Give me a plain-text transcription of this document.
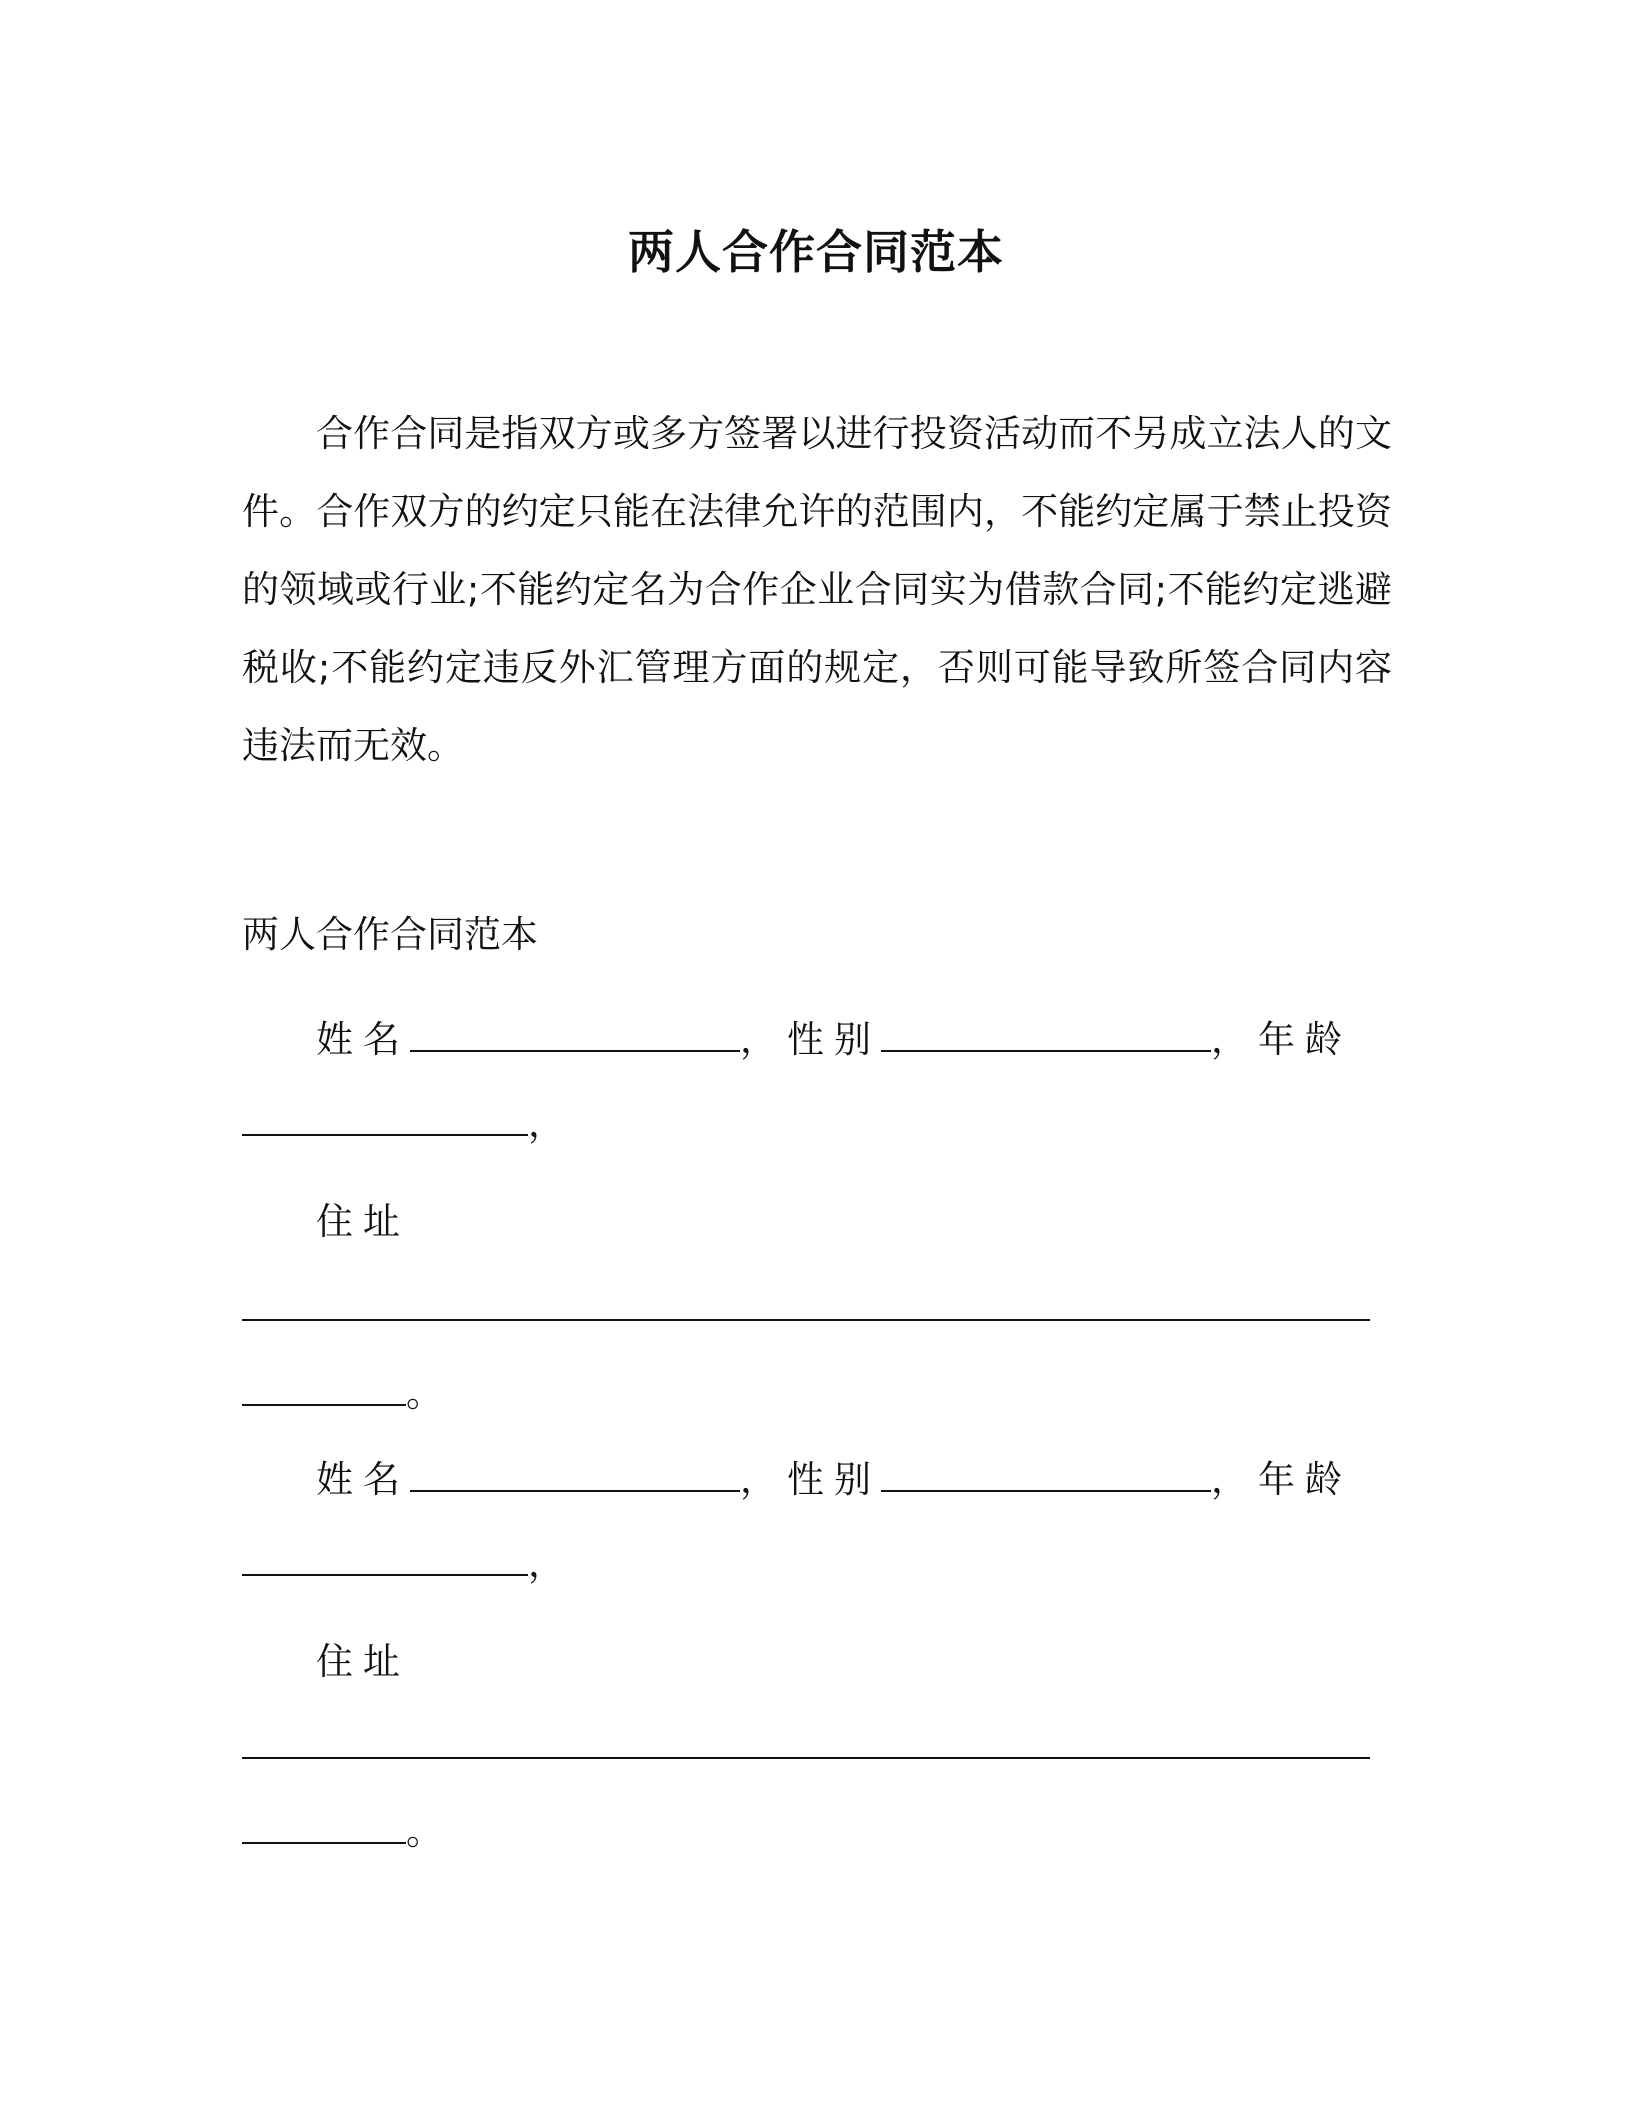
两人合作合同范本

合作合同是指双方或多方签署以进行投资活动而不另成立法人的文件。合作双方的约定只能在法律允许的范围内，不能约定属于禁止投资的领域或行业;不能约定名为合作企业合同实为借款合同;不能约定逃避税收;不能约定违反外汇管理方面的规定，否则可能导致所签合同内容违法而无效。

两人合作合同范本
姓名	，性别	，年龄
，
住址
。
姓名	，性别	，年龄
，
住址
。
